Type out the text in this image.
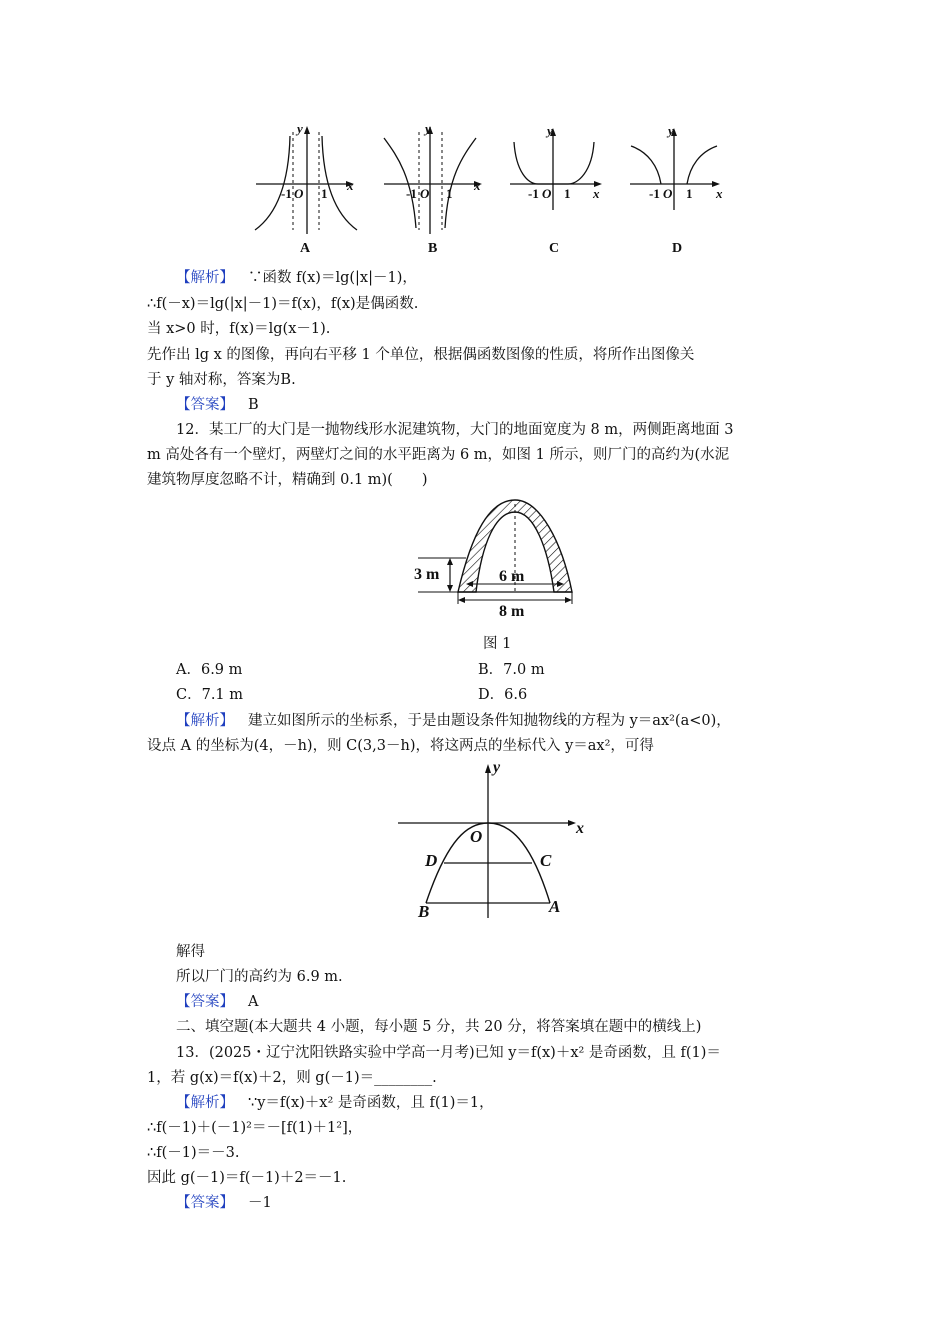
y
-1 O 1
x
A
y
-1 O 1
x
B
y
-1 O 1 x
C
y
-1 O 1 x
D
【解析】 ∵函数 f(x)＝lg(|x|－1)，
∴f(－x)＝lg(|x|－1)＝f(x)，f(x)是偶函数.
当 x>0 时，f(x)＝lg(x－1).
先作出 lg x 的图像，再向右平移 1 个单位，根据偶函数图像的性质，将所作出图像关
于 y 轴对称，答案为B.
【答案】 B
12．某工厂的大门是一抛物线形水泥建筑物，大门的地面宽度为 8 m，两侧距离地面 3
m 高处各有一个壁灯，两壁灯之间的水平距离为 6 m，如图 1 所示，则厂门的高约为(水泥
建筑物厚度忽略不计，精确到 0.1 m)(　　)
3 m	6 m
8 m
图 1
A．6.9 m	B．7.0 m
C．7.1 m	D．6.6
【解析】 建立如图所示的坐标系，于是由题设条件知抛物线的方程为 y＝ax²(a<0)，
设点 A 的坐标为(4，－h)，则 C(3,3－h)，将这两点的坐标代入 y＝ax²，可得
y
x
O
D	C
B	A
解得
所以厂门的高约为 6.9 m.
【答案】 A
二、填空题(本大题共 4 小题，每小题 5 分，共 20 分，将答案填在题中的横线上)
13．(2025・辽宁沈阳铁路实验中学高一月考)已知 y＝f(x)＋x² 是奇函数，且 f(1)＝
1，若 g(x)＝f(x)＋2，则 g(－1)＝________.
【解析】 ∵y＝f(x)＋x² 是奇函数，且 f(1)＝1，
∴f(－1)＋(－1)²＝－[f(1)＋1²]，
∴f(－1)＝－3.
因此 g(－1)＝f(－1)＋2＝－1.
【答案】 －1
